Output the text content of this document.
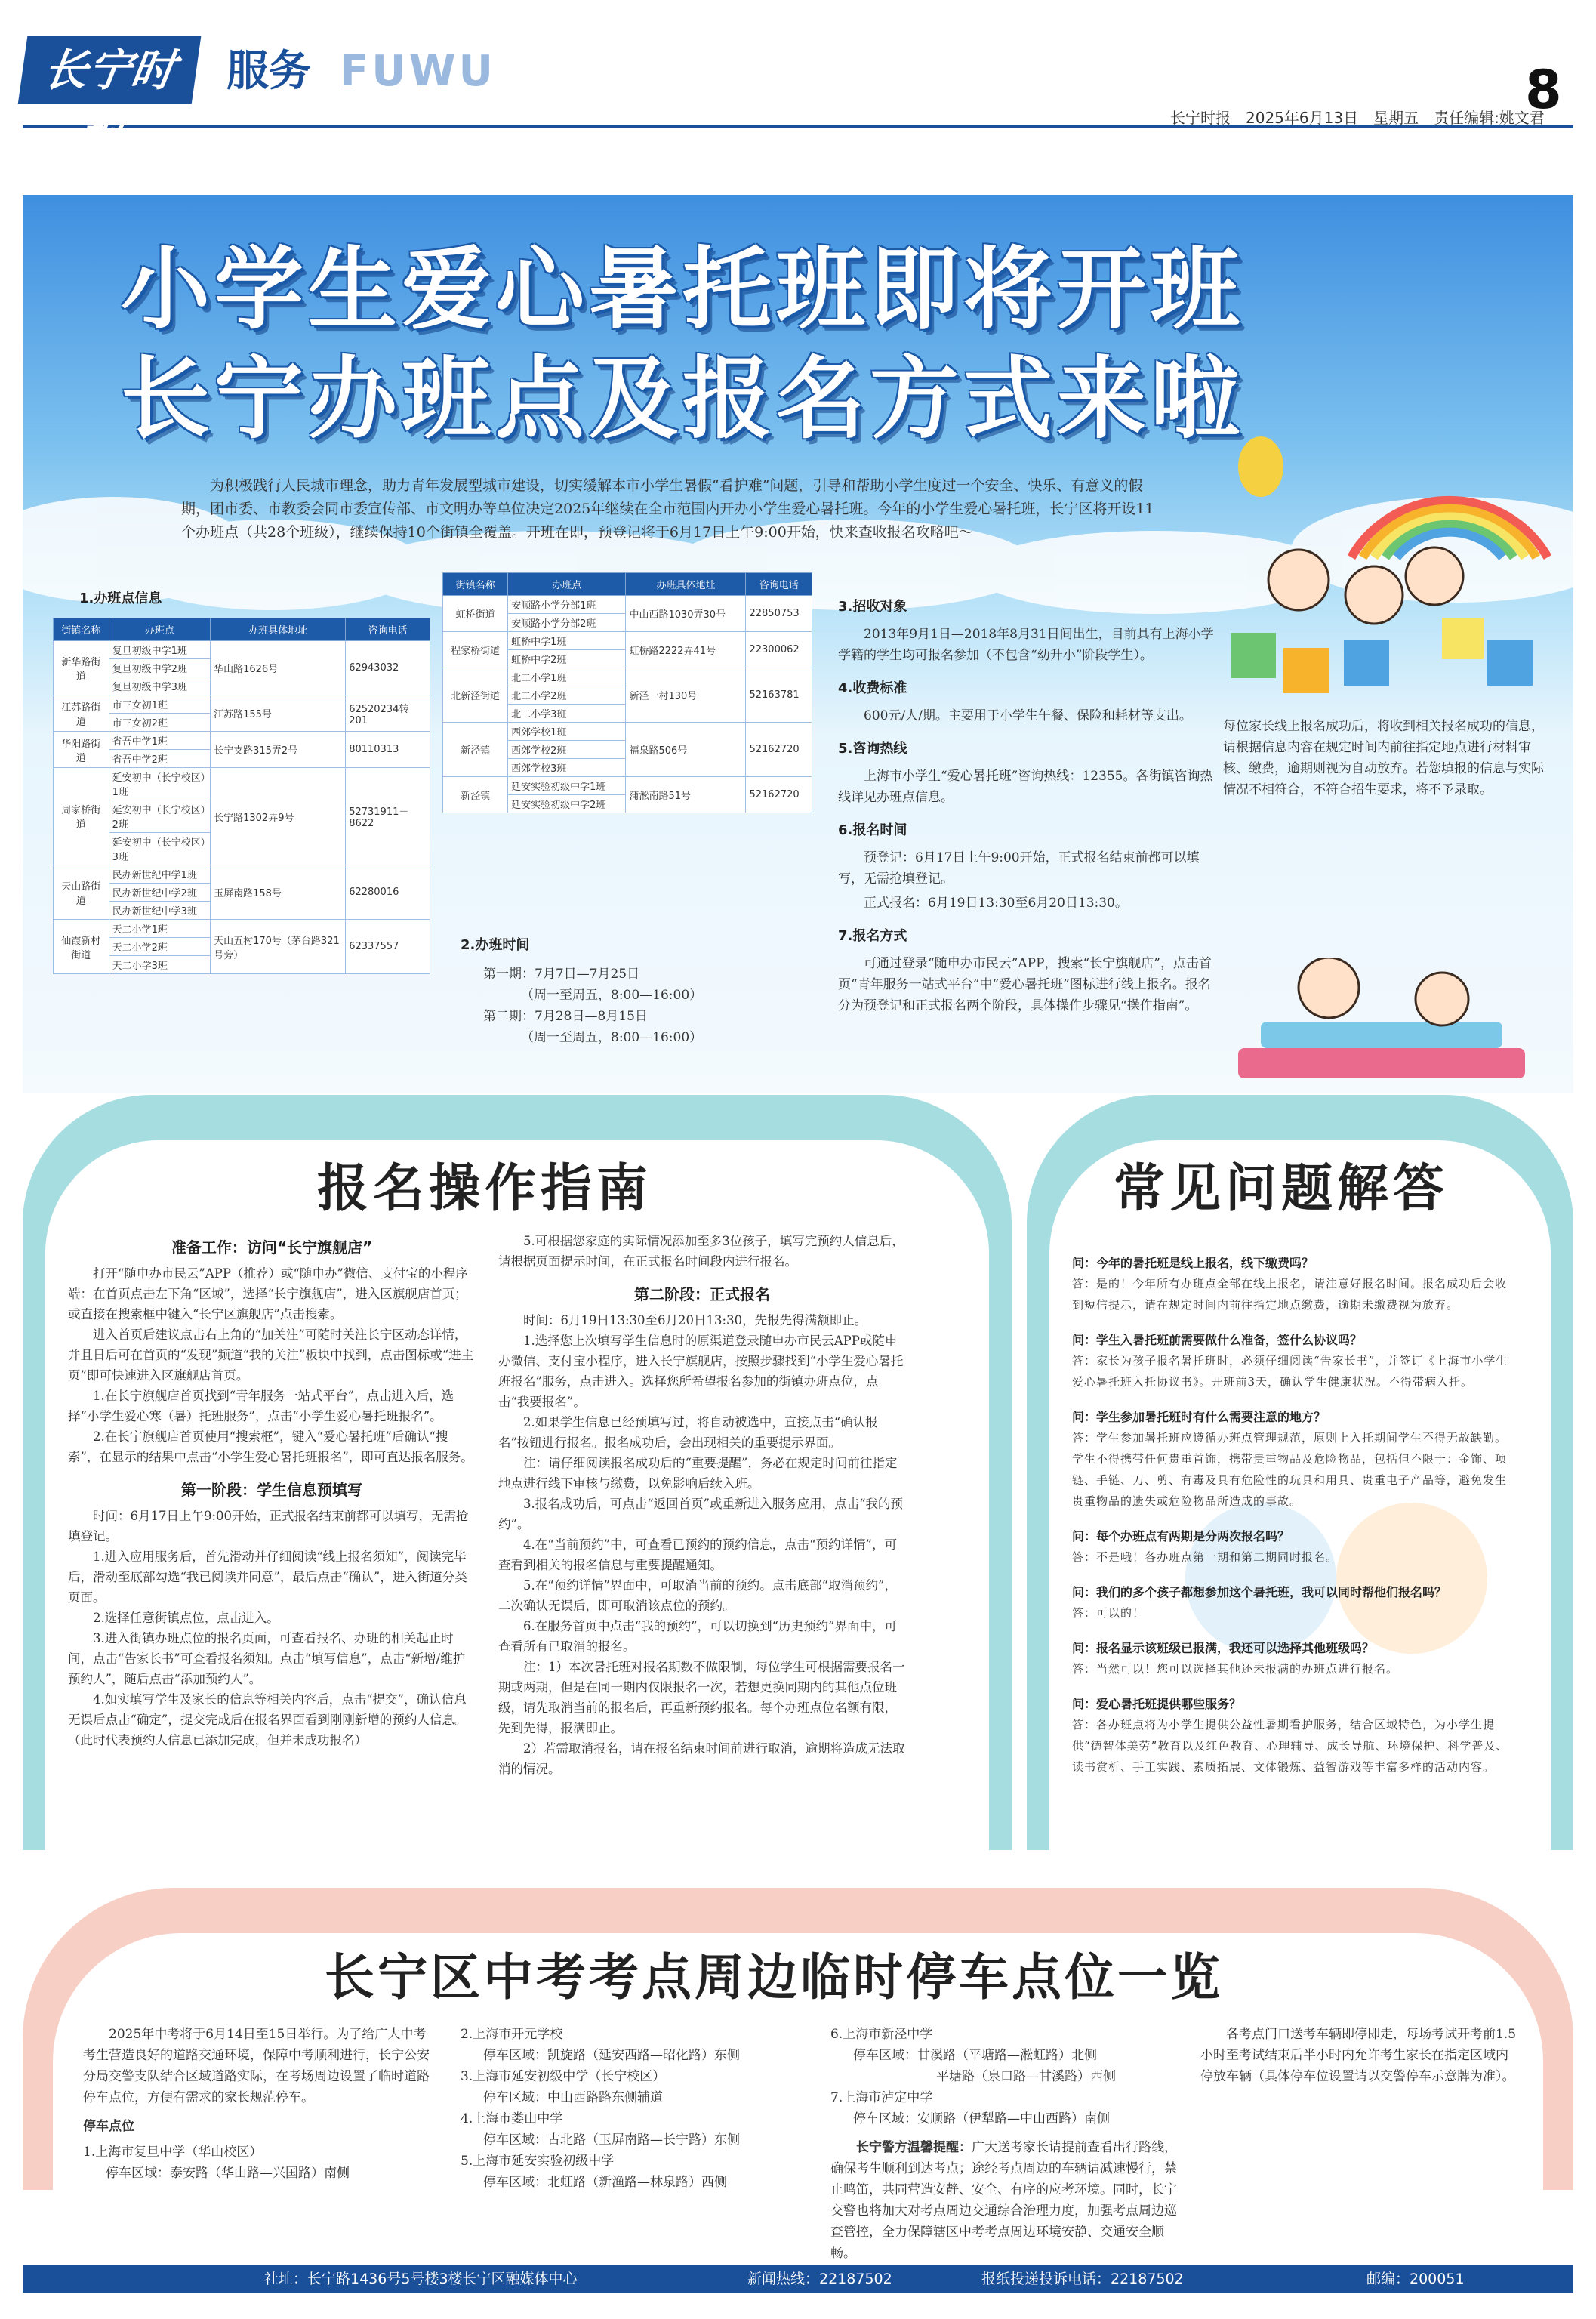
长宁时报
服务 FUWU
长宁时报　2025年6月13日　星期五　责任编辑:姚文君
8
小学生爱心暑托班即将开班
长宁办班点及报名方式来啦
为积极践行人民城市理念，助力青年发展型城市建设，切实缓解本市小学生暑假“看护难”问题，引导和帮助小学生度过一个安全、快乐、有意义的假期，团市委、市教委会同市委宣传部、市文明办等单位决定2025年继续在全市范围内开办小学生爱心暑托班。今年的小学生爱心暑托班，长宁区将开设11个办班点（共28个班级），继续保持10个街镇全覆盖。开班在即，预登记将于6月17日上午9:00开始，快来查收报名攻略吧～
1.办班点信息
街镇名称	办班点	办班具体地址	咨询电话
新华路街道	复旦初级中学1班	华山路1626号	62943032
	复旦初级中学2班		
	复旦初级中学3班		
江苏路街道	市三女初1班	江苏路155号	62520234转201
	市三女初2班		
华阳路街道	省吾中学1班	长宁支路315弄2号	80110313
	省吾中学2班		
周家桥街道	延安初中（长宁校区）1班	长宁路1302弄9号	52731911－8622
	延安初中（长宁校区）2班		
	延安初中（长宁校区）3班		
天山路街道	民办新世纪中学1班	玉屏南路158号	62280016
	民办新世纪中学2班		
	民办新世纪中学3班		
仙霞新村街道	天二小学1班	天山五村170号（茅台路321号旁）	62337557
	天二小学2班		
	天二小学3班		
街镇名称	办班点	办班具体地址	咨询电话
虹桥街道	安顺路小学分部1班	中山西路1030弄30号	22850753
	安顺路小学分部2班		
程家桥街道	虹桥中学1班	虹桥路2222弄41号	22300062
	虹桥中学2班		
北新泾街道	北二小学1班	新泾一村130号	52163781
	北二小学2班		
	北二小学3班		
新泾镇	西郊学校1班	福泉路506号	52162720
	西郊学校2班		
	西郊学校3班		
新泾镇	延安实验初级中学1班	蒲淞南路51号	52162720
	延安实验初级中学2班		
2.办班时间
第一期：7月7日—7月25日
（周一至周五，8:00—16:00）
第二期：7月28日—8月15日
（周一至周五，8:00—16:00）
3.招收对象

2013年9月1日—2018年8月31日间出生，目前具有上海小学学籍的学生均可报名参加（不包含“幼升小”阶段学生）。

4.收费标准

600元/人/期。主要用于小学生午餐、保险和耗材等支出。

5.咨询热线

上海市小学生“爱心暑托班”咨询热线：12355。各街镇咨询热线详见办班点信息。

6.报名时间

预登记：6月17日上午9:00开始，正式报名结束前都可以填写，无需抢填登记。

正式报名：6月19日13:30至6月20日13:30。

7.报名方式

可通过登录“随申办市民云”APP，搜索“长宁旗舰店”，点击首页“青年服务一站式平台”中“爱心暑托班”图标进行线上报名。报名分为预登记和正式报名两个阶段，具体操作步骤见“操作指南”。

每位家长线上报名成功后，将收到相关报名成功的信息，请根据信息内容在规定时间内前往指定地点进行材料审核、缴费，逾期则视为自动放弃。若您填报的信息与实际情况不相符合，不符合招生要求，将不予录取。
报名操作指南
准备工作：访问“长宁旗舰店”

打开“随申办市民云”APP（推荐）或“随申办”微信、支付宝的小程序端：在首页点击左下角“区域”，选择“长宁旗舰店”，进入区旗舰店首页；或直接在搜索框中键入“长宁区旗舰店”点击搜索。

进入首页后建议点击右上角的“加关注”可随时关注长宁区动态详情，并且日后可在首页的“发现”频道“我的关注”板块中找到，点击图标或“进主页”即可快速进入区旗舰店首页。

1.在长宁旗舰店首页找到“青年服务一站式平台”，点击进入后，选择“小学生爱心寒（暑）托班服务”，点击“小学生爱心暑托班报名”。

2.在长宁旗舰店首页使用“搜索框”，键入“爱心暑托班”后确认“搜索”，在显示的结果中点击“小学生爱心暑托班报名”，即可直达报名服务。

第一阶段：学生信息预填写

时间：6月17日上午9:00开始，正式报名结束前都可以填写，无需抢填登记。

1.进入应用服务后，首先滑动并仔细阅读“线上报名须知”，阅读完毕后，滑动至底部勾选“我已阅读并同意”，最后点击“确认”，进入街道分类页面。

2.选择任意街镇点位，点击进入。

3.进入街镇办班点位的报名页面，可查看报名、办班的相关起止时间，点击“告家长书”可查看报名须知。点击“填写信息”，点击“新增/维护预约人”，随后点击“添加预约人”。

4.如实填写学生及家长的信息等相关内容后，点击“提交”，确认信息无误后点击“确定”，提交完成后在报名界面看到刚刚新增的预约人信息。（此时代表预约人信息已添加完成，但并未成功报名）

5.可根据您家庭的实际情况添加至多3位孩子，填写完预约人信息后，请根据页面提示时间，在正式报名时间段内进行报名。

第二阶段：正式报名

时间：6月19日13:30至6月20日13:30，先报先得满额即止。

1.选择您上次填写学生信息时的原渠道登录随申办市民云APP或随申办微信、支付宝小程序，进入长宁旗舰店，按照步骤找到“小学生爱心暑托班报名”服务，点击进入。选择您所希望报名参加的街镇办班点位，点击“我要报名”。

2.如果学生信息已经预填写过，将自动被选中，直接点击“确认报名”按钮进行报名。报名成功后，会出现相关的重要提示界面。

注：请仔细阅读报名成功后的“重要提醒”，务必在规定时间前往指定地点进行线下审核与缴费，以免影响后续入班。

3.报名成功后，可点击“返回首页”或重新进入服务应用，点击“我的预约”。

4.在“当前预约”中，可查看已预约的预约信息，点击“预约详情”，可查看到相关的报名信息与重要提醒通知。

5.在“预约详情”界面中，可取消当前的预约。点击底部“取消预约”，二次确认无误后，即可取消该点位的预约。

6.在服务首页中点击“我的预约”，可以切换到“历史预约”界面中，可查看所有已取消的报名。

注：1）本次暑托班对报名期数不做限制，每位学生可根据需要报名一期或两期，但是在同一期内仅限报名一次，若想更换同期内的其他点位班级，请先取消当前的报名后，再重新预约报名。每个办班点位名额有限，先到先得，报满即止。

2）若需取消报名，请在报名结束时间前进行取消，逾期将造成无法取消的情况。

常见问题解答
问：今年的暑托班是线上报名，线下缴费吗？
答：是的！今年所有办班点全部在线上报名，请注意好报名时间。报名成功后会收到短信提示，请在规定时间内前往指定地点缴费，逾期未缴费视为放弃。
问：学生入暑托班前需要做什么准备，签什么协议吗？
答：家长为孩子报名暑托班时，必须仔细阅读“告家长书”，并签订《上海市小学生爱心暑托班入托协议书》。开班前3天，确认学生健康状况。不得带病入托。
问：学生参加暑托班时有什么需要注意的地方？
答：学生参加暑托班应遵循办班点管理规范，原则上入托期间学生不得无故缺勤。学生不得携带任何贵重首饰，携带贵重物品及危险物品，包括但不限于：金饰、项链、手链、刀、剪、有毒及具有危险性的玩具和用具、贵重电子产品等，避免发生贵重物品的遗失或危险物品所造成的事故。
问：每个办班点有两期是分两次报名吗？
答：不是哦！各办班点第一期和第二期同时报名。
问：我们的多个孩子都想参加这个暑托班，我可以同时帮他们报名吗？
答：可以的！
问：报名显示该班级已报满，我还可以选择其他班级吗？
答：当然可以！您可以选择其他还未报满的办班点进行报名。
问：爱心暑托班提供哪些服务？
答：各办班点将为小学生提供公益性暑期看护服务，结合区域特色，为小学生提供“德智体美劳”教育以及红色教育、心理辅导、成长导航、环境保护、科学普及、读书赏析、手工实践、素质拓展、文体锻炼、益智游戏等丰富多样的活动内容。
长宁区中考考点周边临时停车点位一览

2025年中考将于6月14日至15日举行。为了给广大中考考生营造良好的道路交通环境，保障中考顺利进行，长宁公安分局交警支队结合区域道路实际，在考场周边设置了临时道路停车点位，方便有需求的家长规范停车。

停车点位
1.上海市复旦中学（华山校区）
停车区域：泰安路（华山路—兴国路）南侧
2.上海市开元学校
停车区域：凯旋路（延安西路—昭化路）东侧
3.上海市延安初级中学（长宁校区）
停车区域：中山西路路东侧辅道
4.上海市娄山中学
停车区域：古北路（玉屏南路—长宁路）东侧
5.上海市延安实验初级中学
停车区域：北虹路（新渔路—林泉路）西侧
6.上海市新泾中学
停车区域：甘溪路（平塘路—淞虹路）北侧
平塘路（泉口路—甘溪路）西侧
7.上海市泸定中学
停车区域：安顺路（伊犁路—中山西路）南侧

长宁警方温馨提醒：广大送考家长请提前查看出行路线，确保考生顺利到达考点；途经考点周边的车辆请减速慢行，禁止鸣笛，共同营造安静、安全、有序的应考环境。同时，长宁交警也将加大对考点周边交通综合治理力度，加强考点周边巡查管控，全力保障辖区中考考点周边环境安静、交通安全顺畅。

各考点门口送考车辆即停即走，每场考试开考前1.5小时至考试结束后半小时内允许考生家长在指定区域内停放车辆（具体停车位设置请以交警停车示意牌为准）。

社址：长宁路1436号5号楼3楼长宁区融媒体中心	新闻热线：22187502	报纸投递投诉电话：22187502	邮编：200051
